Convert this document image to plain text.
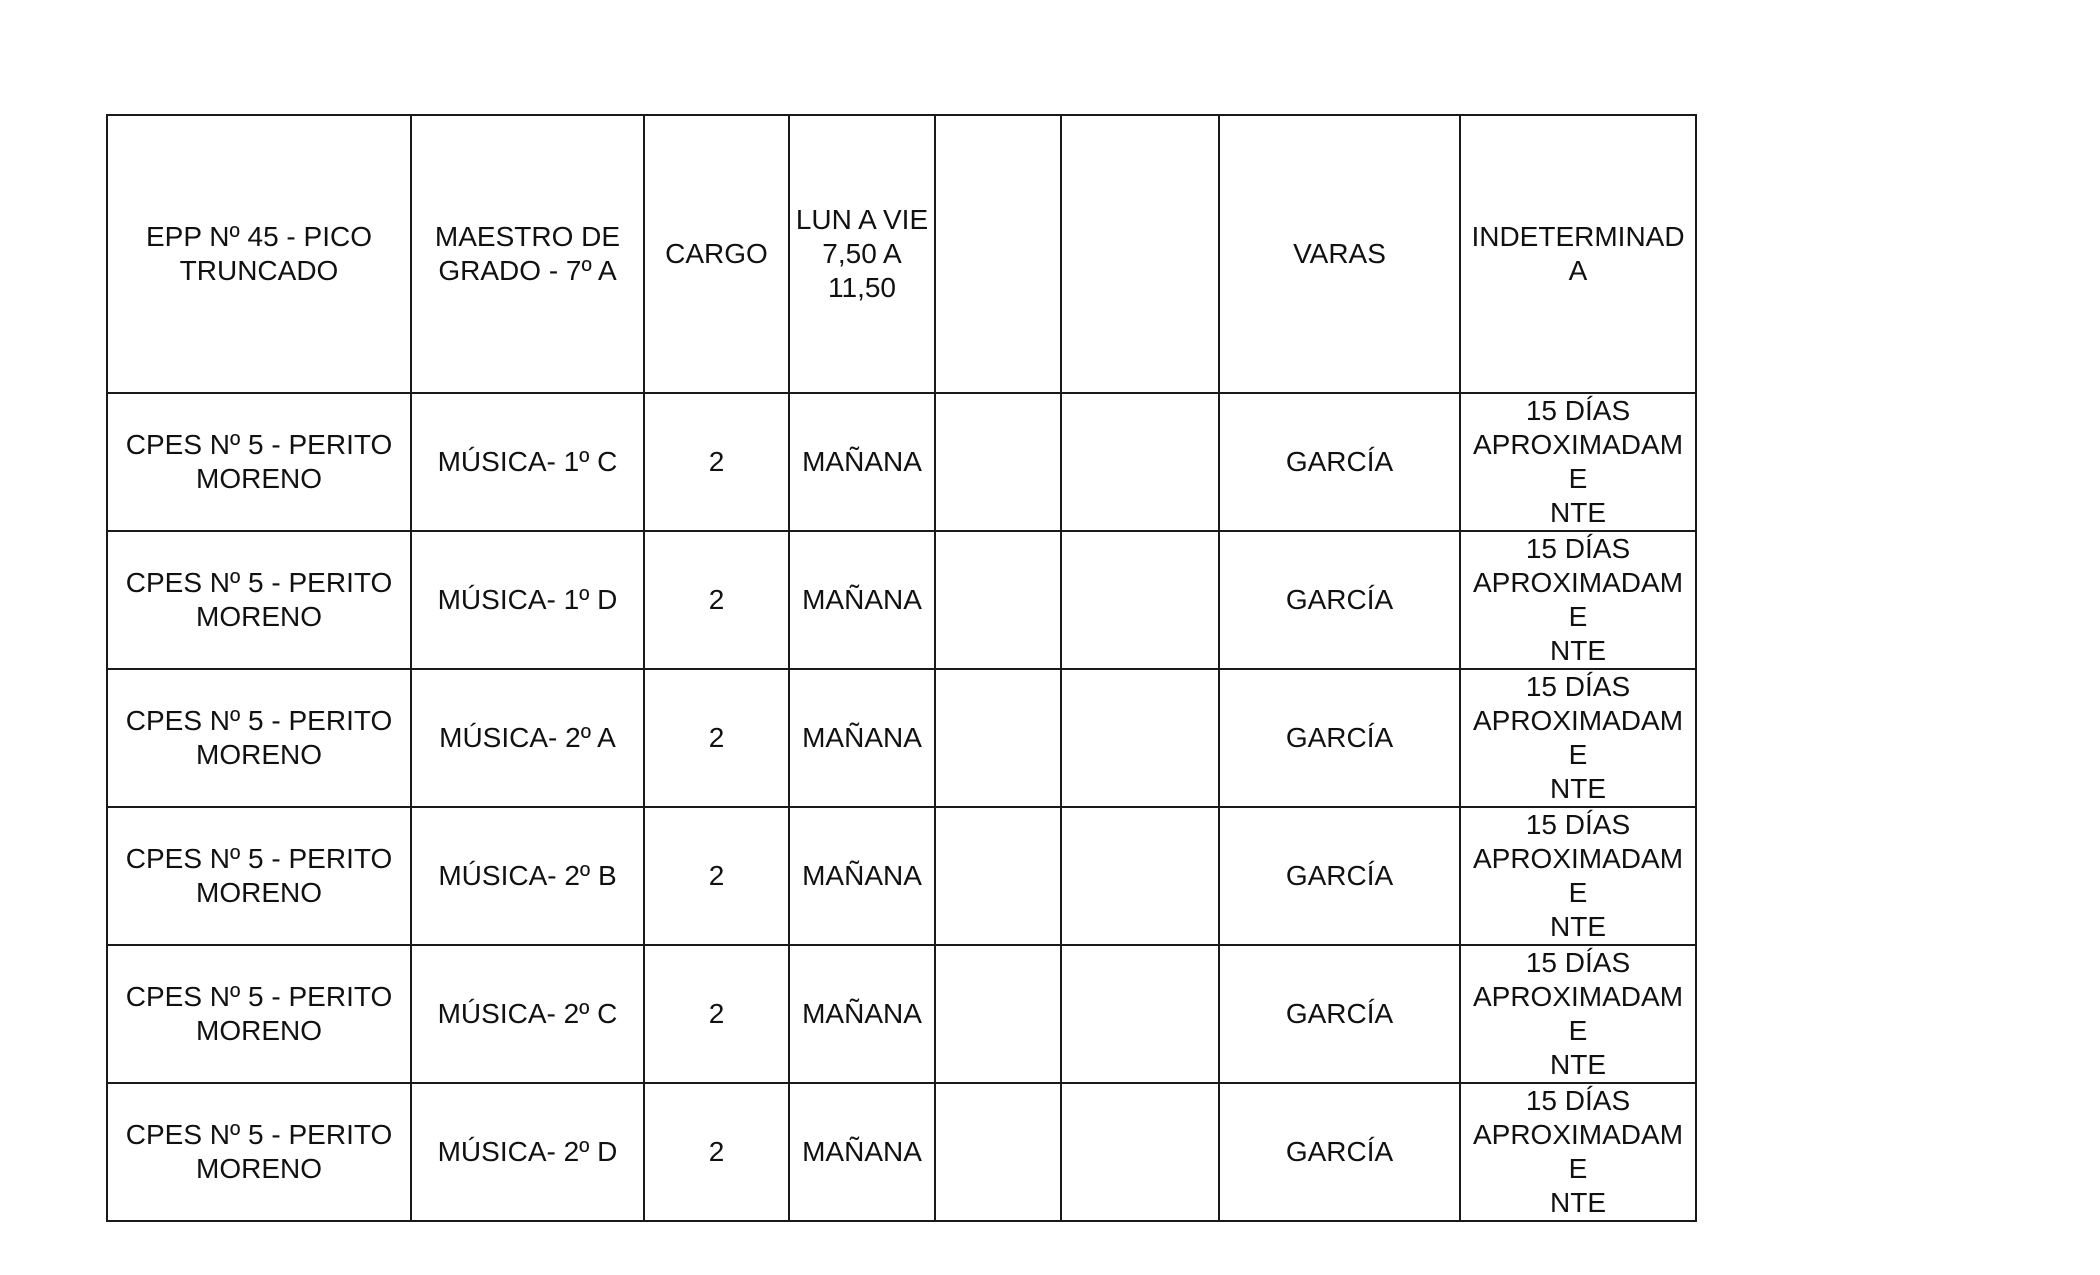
EPP Nº 45 - PICO
TRUNCADO	MAESTRO DE
GRADO - 7º A	CARGO	LUN A VIE
7,50 A
11,50			VARAS	INDETERMINADA

CPES Nº 5 - PERITO
MORENO	MÚSICA- 1º C	2	MAÑANA			GARCÍA	15 DÍAS
APROXIMADAME
NTE

CPES Nº 5 - PERITO
MORENO	MÚSICA- 1º D	2	MAÑANA			GARCÍA	15 DÍAS
APROXIMADAME
NTE

CPES Nº 5 - PERITO
MORENO	MÚSICA- 2º A	2	MAÑANA			GARCÍA	15 DÍAS
APROXIMADAME
NTE

CPES Nº 5 - PERITO
MORENO	MÚSICA- 2º B	2	MAÑANA			GARCÍA	15 DÍAS
APROXIMADAME
NTE

CPES Nº 5 - PERITO
MORENO	MÚSICA- 2º C	2	MAÑANA			GARCÍA	15 DÍAS
APROXIMADAME
NTE

CPES Nº 5 - PERITO
MORENO	MÚSICA- 2º D	2	MAÑANA			GARCÍA	15 DÍAS
APROXIMADAME
NTE
